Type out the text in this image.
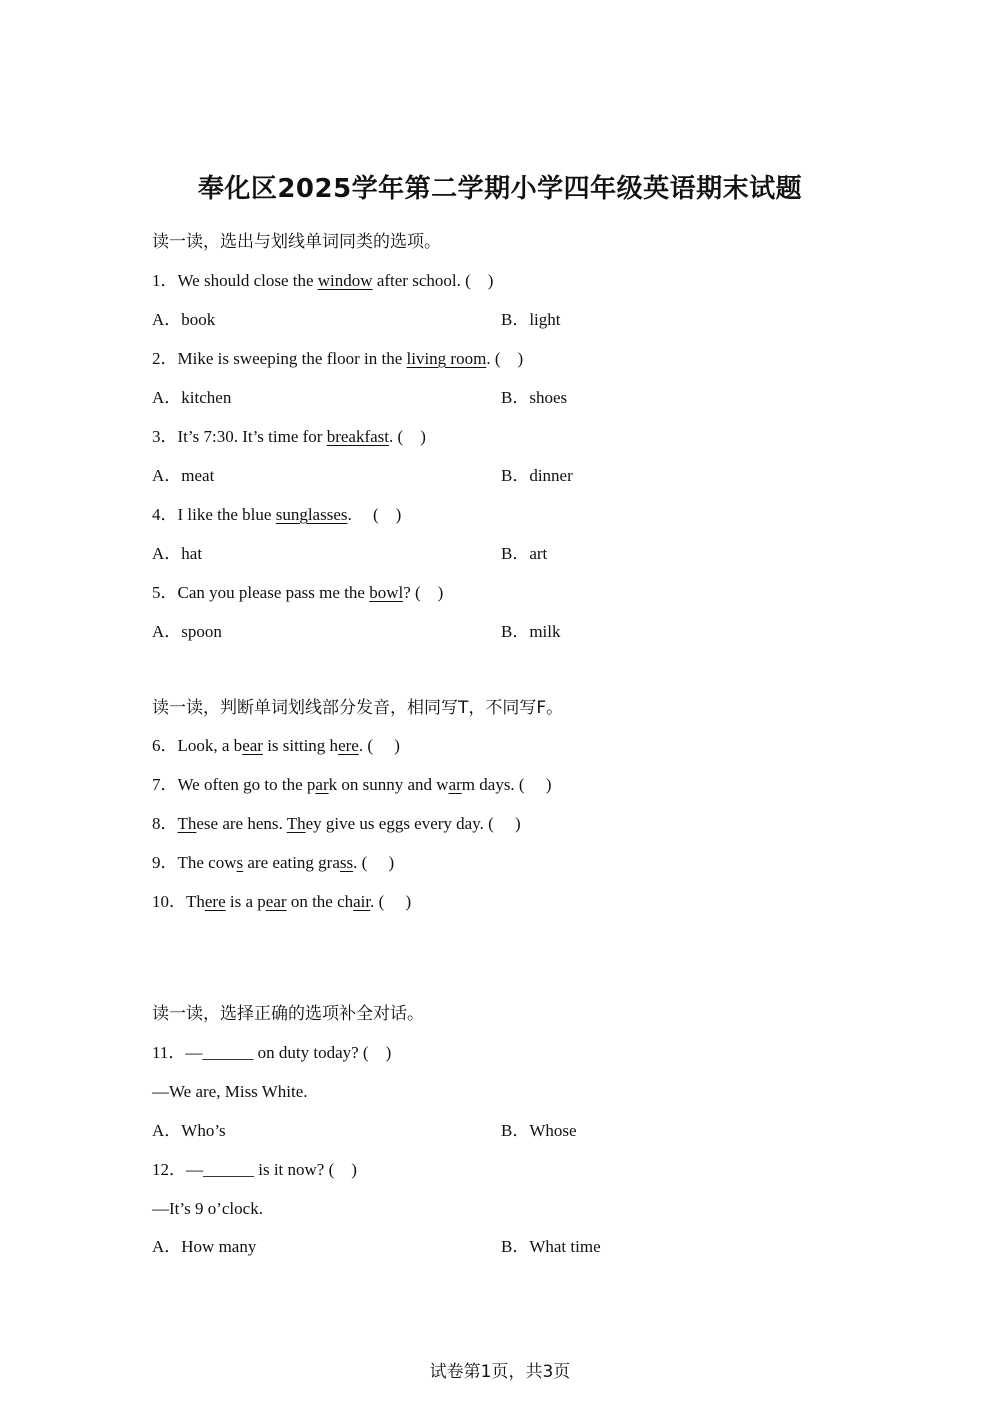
奉化区2025学年第二学期小学四年级英语期末试题
读一读，选出与划线单词同类的选项。
1．We should close the window after school. (    )
A．book	B．light
2．Mike is sweeping the floor in the living room. (    )
A．kitchen	B．shoes
3．It’s 7:30. It’s time for breakfast. (    )
A．meat	B．dinner
4．I like the blue sunglasses.     (    )
A．hat	B．art
5．Can you please pass me the bowl? (    )
A．spoon	B．milk
读一读，判断单词划线部分发音，相同写T，不同写F。
6．Look, a bear is sitting here. (     )
7．We often go to the park on sunny and warm days. (     )
8．These are hens. They give us eggs every day. (     )
9．The cows are eating grass. (     )
10．There is a pear on the chair. (     )
读一读，选择正确的选项补全对话。
11．—______ on duty today? (    )
—We are, Miss White.
A．Who’s	B．Whose
12．—______ is it now? (    )
—It’s 9 o’clock.
A．How many	B．What time
试卷第1页，共3页
